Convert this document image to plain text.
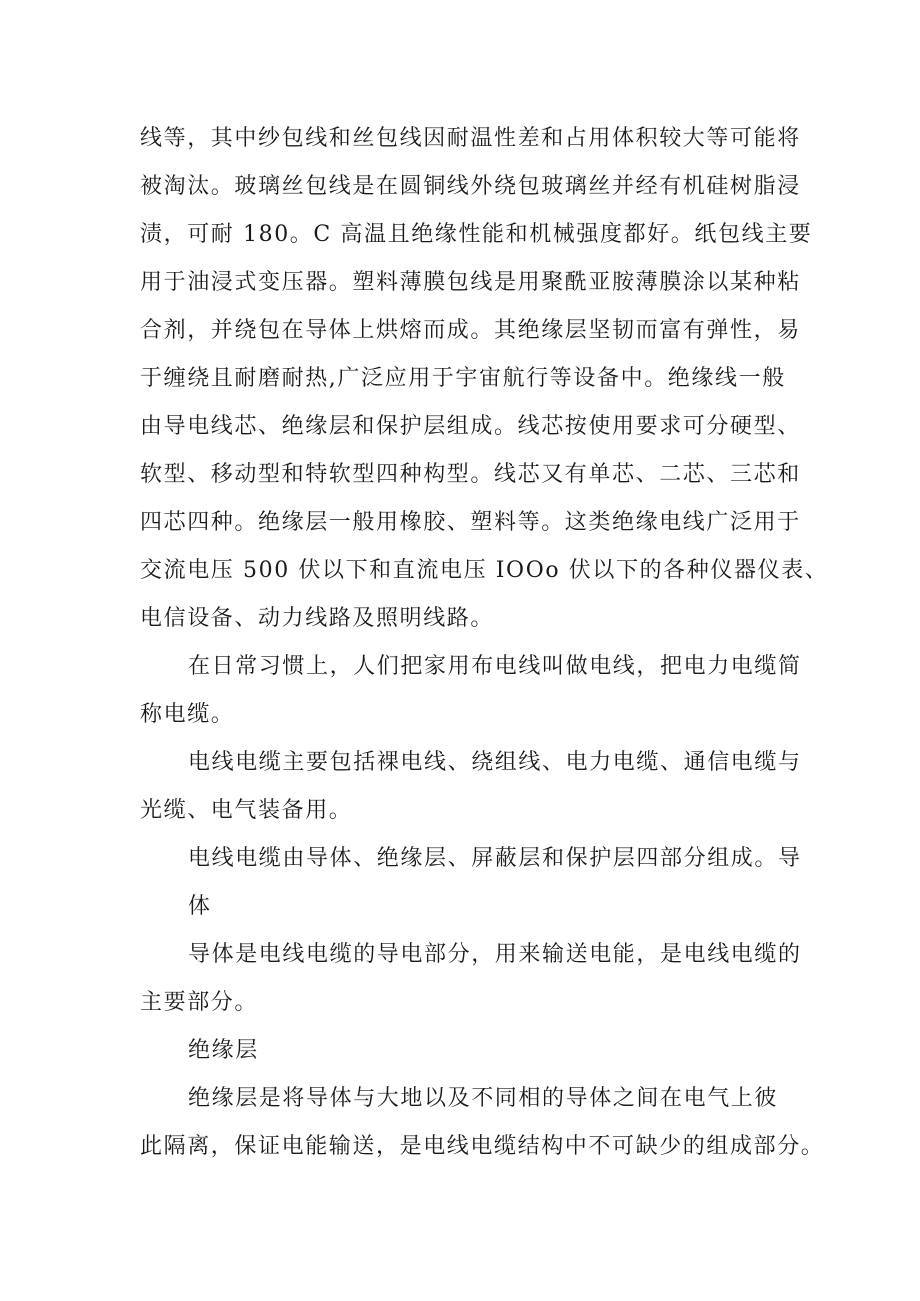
线等，其中纱包线和丝包线因耐温性差和占用体积较大等可能将
被淘汰。玻璃丝包线是在圆铜线外绕包玻璃丝并经有机硅树脂浸
渍，可耐 180。C 高温且绝缘性能和机械强度都好。纸包线主要
用于油浸式变压器。塑料薄膜包线是用聚酰亚胺薄膜涂以某种粘
合剂，并绕包在导体上烘熔而成。其绝缘层坚韧而富有弹性，易
于缠绕且耐磨耐热,广泛应用于宇宙航行等设备中。绝缘线一般
由导电线芯、绝缘层和保护层组成。线芯按使用要求可分硬型、
软型、移动型和特软型四种构型。线芯又有单芯、二芯、三芯和
四芯四种。绝缘层一般用橡胶、塑料等。这类绝缘电线广泛用于
交流电压 500 伏以下和直流电压 IOOo 伏以下的各种仪器仪表、
电信设备、动力线路及照明线路。
在日常习惯上，人们把家用布电线叫做电线，把电力电缆简
称电缆。
电线电缆主要包括裸电线、绕组线、电力电缆、通信电缆与
光缆、电气装备用。
电线电缆由导体、绝缘层、屏蔽层和保护层四部分组成。导
体
导体是电线电缆的导电部分，用来输送电能，是电线电缆的
主要部分。
绝缘层
绝缘层是将导体与大地以及不同相的导体之间在电气上彼
此隔离，保证电能输送，是电线电缆结构中不可缺少的组成部分。
